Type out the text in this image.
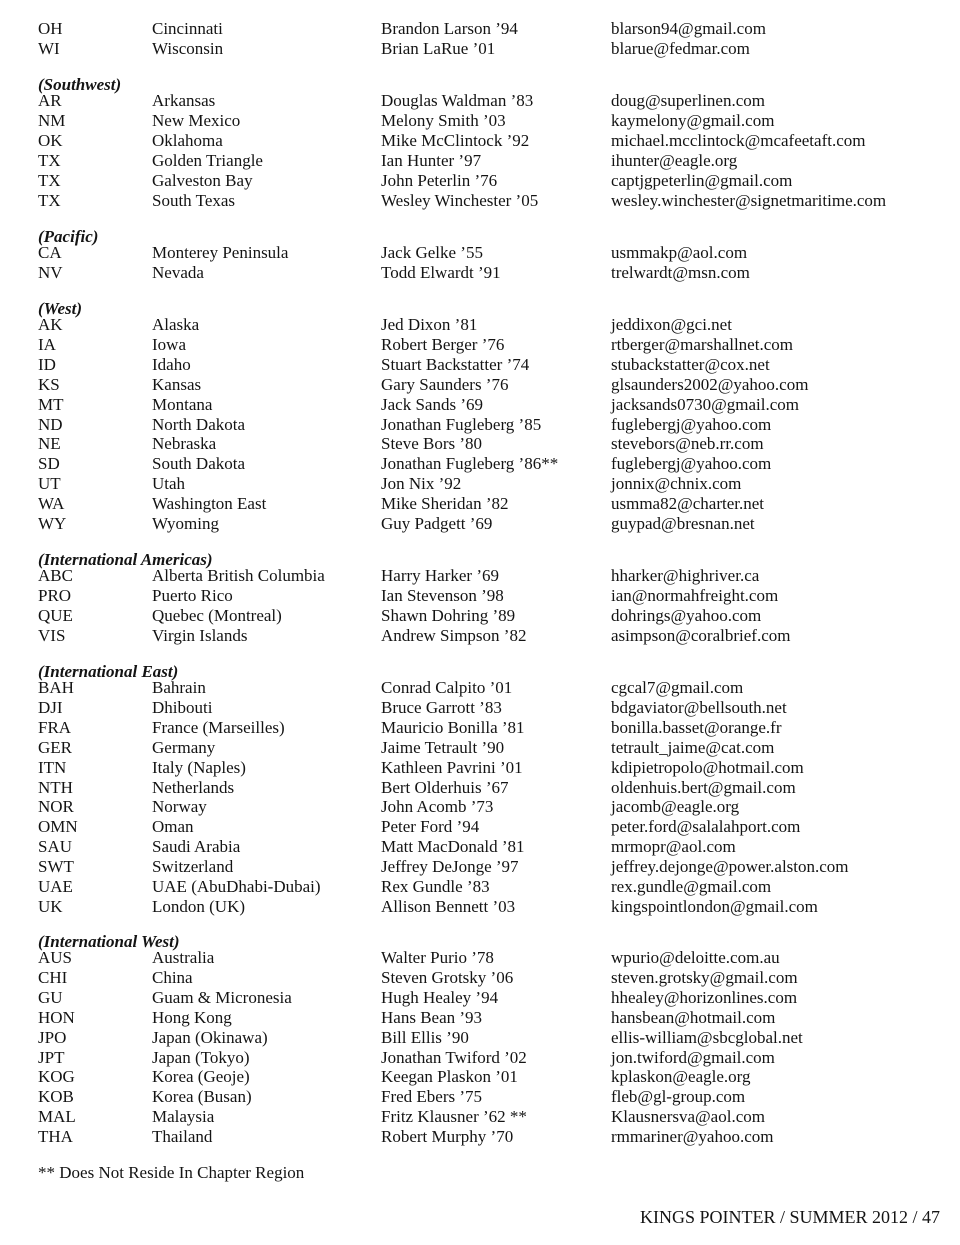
OH	Cincinnati	Brandon Larson ’94	blarson94@gmail.com
WI	Wisconsin	Brian LaRue ’01	blarue@fedmar.com
(Southwest)
AR	Arkansas	Douglas Waldman ’83	doug@superlinen.com
NM	New Mexico	Melony Smith ’03	kaymelony@gmail.com
OK	Oklahoma	Mike McClintock ’92	michael.mcclintock@mcafeetaft.com
TX	Golden Triangle	Ian Hunter ’97	ihunter@eagle.org
TX	Galveston Bay	John Peterlin ’76	captjgpeterlin@gmail.com
TX	South Texas	Wesley Winchester ’05	wesley.winchester@signetmaritime.com
(Pacific)
CA	Monterey Peninsula	Jack Gelke ’55	usmmakp@aol.com
NV	Nevada	Todd Elwardt ’91	trelwardt@msn.com
(West)
AK	Alaska	Jed Dixon ’81	jeddixon@gci.net
IA	Iowa	Robert Berger ’76	rtberger@marshallnet.com
ID	Idaho	Stuart Backstatter ’74	stubackstatter@cox.net
KS	Kansas	Gary Saunders ’76	glsaunders2002@yahoo.com
MT	Montana	Jack Sands ’69	jacksands0730@gmail.com
ND	North Dakota	Jonathan Fugleberg ’85	fuglebergj@yahoo.com
NE	Nebraska	Steve Bors ’80	stevebors@neb.rr.com
SD	South Dakota	Jonathan Fugleberg ’86**	fuglebergj@yahoo.com
UT	Utah	Jon Nix ’92	jonnix@chnix.com
WA	Washington East	Mike Sheridan ’82	usmma82@charter.net
WY	Wyoming	Guy Padgett ’69	guypad@bresnan.net
(International Americas)
ABC	Alberta British Columbia	Harry Harker ’69	hharker@highriver.ca
PRO	Puerto Rico	Ian Stevenson ’98	ian@normahfreight.com
QUE	Quebec (Montreal)	Shawn Dohring ’89	dohrings@yahoo.com
VIS	Virgin Islands	Andrew Simpson ’82	asimpson@coralbrief.com
(International East)
BAH	Bahrain	Conrad Calpito ’01	cgcal7@gmail.com
DJI	Dhibouti	Bruce Garrott ’83	bdgaviator@bellsouth.net
FRA	France (Marseilles)	Mauricio Bonilla ’81	bonilla.basset@orange.fr
GER	Germany	Jaime Tetrault ’90	tetrault_jaime@cat.com
ITN	Italy (Naples)	Kathleen Pavrini ’01	kdipietropolo@hotmail.com
NTH	Netherlands	Bert Olderhuis ’67	oldenhuis.bert@gmail.com
NOR	Norway	John Acomb ’73	jacomb@eagle.org
OMN	Oman	Peter Ford ’94	peter.ford@salalahport.com
SAU	Saudi Arabia	Matt MacDonald ’81	mrmopr@aol.com
SWT	Switzerland	Jeffrey DeJonge ’97	jeffrey.dejonge@power.alston.com
UAE	UAE (AbuDhabi-Dubai)	Rex Gundle ’83	rex.gundle@gmail.com
UK	London (UK)	Allison Bennett ’03	kingspointlondon@gmail.com
(International West)
AUS	Australia	Walter Purio ’78	wpurio@deloitte.com.au
CHI	China	Steven Grotsky ’06	steven.grotsky@gmail.com
GU	Guam & Micronesia	Hugh Healey ’94	hhealey@horizonlines.com
HON	Hong Kong	Hans Bean ’93	hansbean@hotmail.com
JPO	Japan (Okinawa)	Bill Ellis ’90	ellis-william@sbcglobal.net
JPT	Japan (Tokyo)	Jonathan Twiford ’02	jon.twiford@gmail.com
KOG	Korea (Geoje)	Keegan Plaskon ’01	kplaskon@eagle.org
KOB	Korea (Busan)	Fred Ebers ’75	fleb@gl-group.com
MAL	Malaysia	Fritz Klausner ’62 **	Klausnersva@aol.com
THA	Thailand	Robert Murphy ’70	rmmariner@yahoo.com
** Does Not Reside In Chapter Region
KINGS POINTER / SUMMER 2012 / 47
